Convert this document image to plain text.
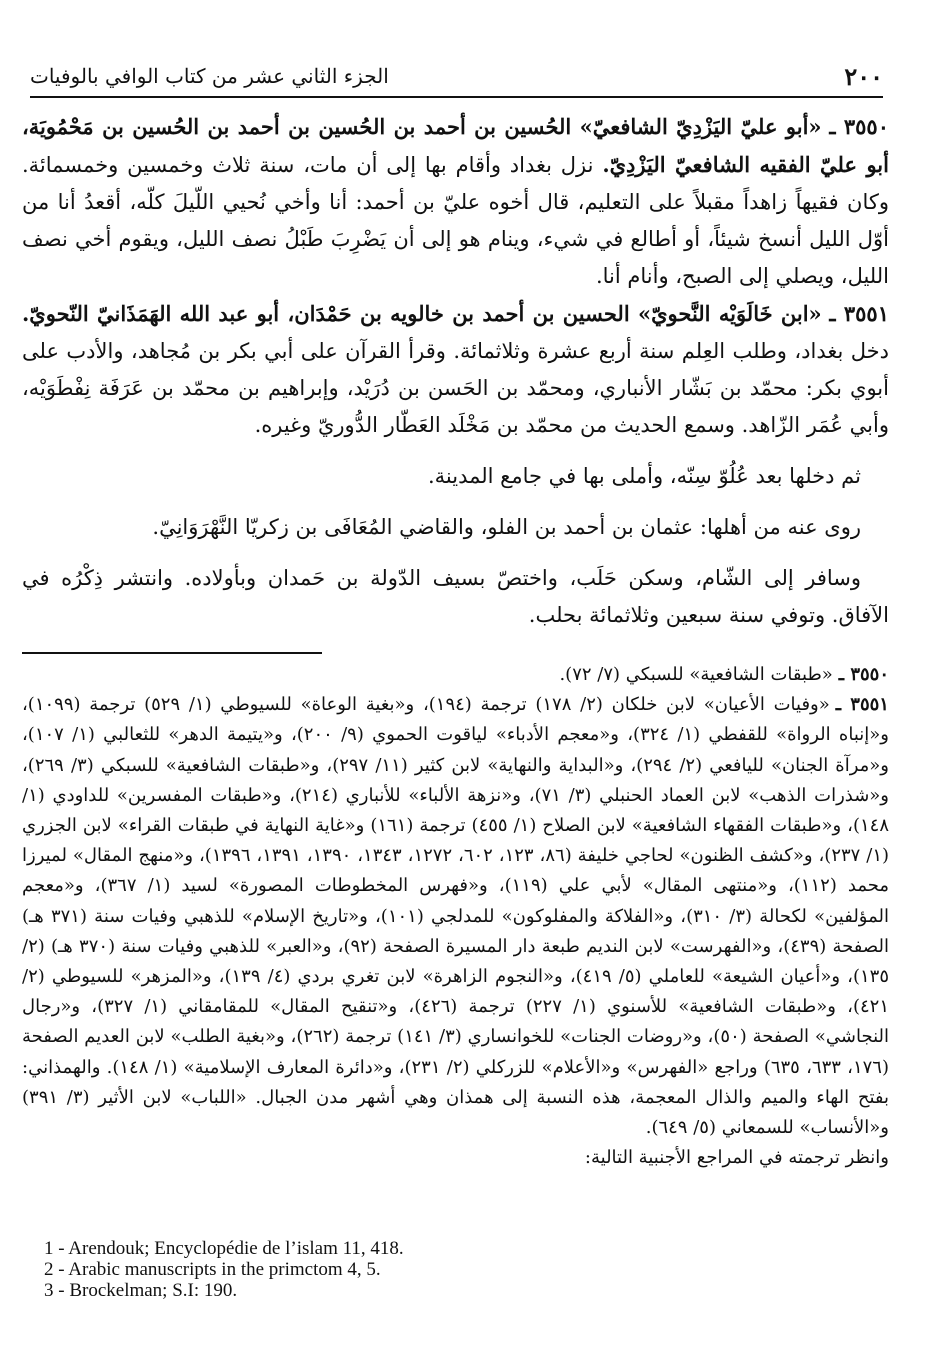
٢٠٠
الجزء الثاني عشر من كتاب الوافي بالوفيات

٣٥٥٠ ـ «أبو عليّ اليَزْدِيّ الشافعيّ» الحُسين بن أحمد بن الحُسين بن أحمد بن الحُسين بن مَحْمُويَة، أبو عليّ الفقيه الشافعيّ اليَزْدِيّ. نزل بغداد وأقام بها إلى أن مات، سنة ثلاث وخمسين وخمسمائة. وكان فقيهاً زاهداً مقبلاً على التعليم، قال أخوه عليّ بن أحمد: أنا وأخي نُحيي اللّيلَ كلّه، أقعدُ أنا من أوّل الليل أنسخ شيئاً، أو أطالع في شيء، وينام هو إلى أن يَضْرِبَ طَبْلُ نصف الليل، ويقوم أخي نصف الليل، ويصلي إلى الصبح، وأنام أنا.

٣٥٥١ ـ «ابن خَالَوَيْه النَّحويّ» الحسين بن أحمد بن خالويه بن حَمْدَان، أبو عبد الله الهَمَذَانيّ النّحويّ. دخل بغداد، وطلب العِلم سنة أربع عشرة وثلاثمائة. وقرأ القرآن على أبي بكر بن مُجاهد، والأدب على أبوي بكر: محمّد بن بَشّار الأنباري، ومحمّد بن الحَسن بن دُرَيْد، وإبراهيم بن محمّد بن عَرَفَة نِفْطَوَيْه، وأبي عُمَر الزّاهد. وسمع الحديث من محمّد بن مَخْلَد العَطّار الدُّوريّ وغيره.

ثم دخلها بعد عُلُوّ سِنّه، وأملى بها في جامع المدينة.

روى عنه من أهلها: عثمان بن أحمد بن الفلو، والقاضي المُعَافَى بن زكريّا النَّهْرَوَانِيّ.

وسافر إلى الشّام، وسكن حَلَب، واختصّ بسيف الدّولة بن حَمدان وبأولاده. وانتشر ذِكْرُه في الآفاق. وتوفي سنة سبعين وثلاثمائة بحلب.

٣٥٥٠ ـ«طبقات الشافعية» للسبكي (٧/ ٧٢).

٣٥٥١ ـ«وفيات الأعيان» لابن خلكان (٢/ ١٧٨) ترجمة (١٩٤)، و«بغية الوعاة» للسيوطي (١/ ٥٢٩) ترجمة (١٠٩٩)، و«إنباه الرواة» للقفطي (١/ ٣٢٤)، و«معجم الأدباء» لياقوت الحموي (٩/ ٢٠٠)، و«يتيمة الدهر» للثعالبي (١/ ١٠٧)، و«مرآة الجنان» لليافعي (٢/ ٢٩٤)، و«البداية والنهاية» لابن كثير (١١/ ٢٩٧)، و«طبقات الشافعية» للسبكي (٣/ ٢٦٩)، و«شذرات الذهب» لابن العماد الحنبلي (٣/ ٧١)، و«نزهة الألباء» للأنباري (٢١٤)، و«طبقات المفسرين» للداودي (١/ ١٤٨)، و«طبقات الفقهاء الشافعية» لابن الصلاح (١/ ٤٥٥) ترجمة (١٦١) و«غاية النهاية في طبقات القراء» لابن الجزري (١/ ٢٣٧)، و«كشف الظنون» لحاجي خليفة (٨٦، ١٢٣، ٦٠٢، ١٢٧٢، ١٣٤٣، ١٣٩٠، ١٣٩١، ١٣٩٦)، و«منهج المقال» لميرزا محمد (١١٢)، و«منتهى المقال» لأبي علي (١١٩)، و«فهرس المخطوطات المصورة» لسيد (١/ ٣٦٧)، و«معجم المؤلفين» لكحالة (٣/ ٣١٠)، و«الفلاكة والمفلوكون» للمدلجي (١٠١)، و«تاريخ الإسلام» للذهبي وفيات سنة (٣٧١ هـ) الصفحة (٤٣٩)، و«الفهرست» لابن النديم طبعة دار المسيرة الصفحة (٩٢)، و«العبر» للذهبي وفيات سنة (٣٧٠ هـ) (٢/ ١٣٥)، و«أعيان الشيعة» للعاملي (٥/ ٤١٩)، و«النجوم الزاهرة» لابن تغري بردي (٤/ ١٣٩)، و«المزهر» للسيوطي (٢/ ٤٢١)، و«طبقات الشافعية» للأسنوي (١/ ٢٢٧) ترجمة (٤٢٦)، و«تنقيح المقال» للمقامقاني (١/ ٣٢٧)، و«رجال النجاشي» الصفحة (٥٠)، و«روضات الجنات» للخوانساري (٣/ ١٤١) ترجمة (٢٦٢)، و«بغية الطلب» لابن العديم الصفحة (١٧٦، ٦٣٣، ٦٣٥) وراجع «الفهرس» و«الأعلام» للزركلي (٢/ ٢٣١)، و«دائرة المعارف الإسلامية» (١/ ١٤٨). والهمذاني: بفتح الهاء والميم والذال المعجمة، هذه النسبة إلى همذان وهي أشهر مدن الجبال. «اللباب» لابن الأثير (٣/ ٣٩١) و«الأنساب» للسمعاني (٥/ ٦٤٩).

وانظر ترجمته في المراجع الأجنبية التالية:

1 - Arendouk; Encyclopédie de l’islam 11, 418.
2 - Arabic manuscripts in the primctom 4, 5.
3 - Brockelman; S.I: 190.
